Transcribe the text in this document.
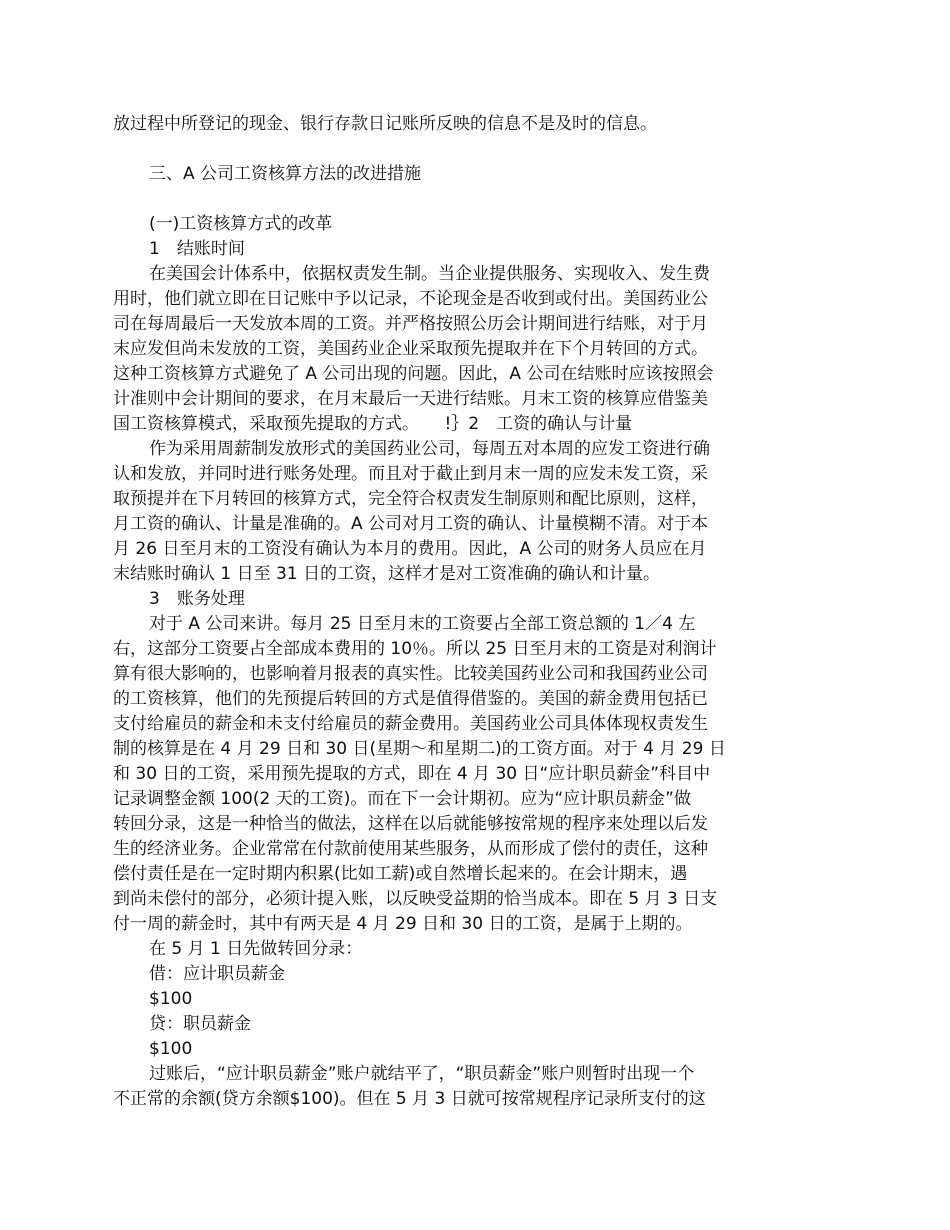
放过程中所登记的现金、银行存款日记账所反映的信息不是及时的信息。
三、A 公司工资核算方法的改进措施
(一)工资核算方式的改革
1　结账时间
在美国会计体系中，依据权责发生制。当企业提供服务、实现收入、发生费
用时，他们就立即在日记账中予以记录，不论现金是否收到或付出。美国药业公
司在每周最后一天发放本周的工资。并严格按照公历会计期间进行结账，对于月
末应发但尚未发放的工资，美国药业企业采取预先提取并在下个月转回的方式。
这种工资核算方式避免了 A 公司出现的问题。因此，A 公司在结账时应该按照会
计准则中会计期间的要求，在月末最后一天进行结账。月末工资的核算应借鉴美
国工资核算模式，采取预先提取的方式。　　!｝2　工资的确认与计量
作为采用周薪制发放形式的美国药业公司，每周五对本周的应发工资进行确
认和发放，并同时进行账务处理。而且对于截止到月末一周的应发未发工资，采
取预提并在下月转回的核算方式，完全符合权责发生制原则和配比原则，这样，
月工资的确认、计量是准确的。A 公司对月工资的确认、计量模糊不清。对于本
月 26 日至月末的工资没有确认为本月的费用。因此，A 公司的财务人员应在月
末结账时确认 1 日至 31 日的工资，这样才是对工资准确的确认和计量。
3　账务处理
对于 A 公司来讲。每月 25 日至月末的工资要占全部工资总额的 1／4 左
右，这部分工资要占全部成本费用的 10％。所以 25 日至月末的工资是对利润计
算有很大影响的，也影响着月报表的真实性。比较美国药业公司和我国药业公司
的工资核算，他们的先预提后转回的方式是值得借鉴的。美国的薪金费用包括已
支付给雇员的薪金和未支付给雇员的薪金费用。美国药业公司具体体现权责发生
制的核算是在 4 月 29 日和 30 日(星期～和星期二)的工资方面。对于 4 月 29 日
和 30 日的工资，采用预先提取的方式，即在 4 月 30 日“应计职员薪金”科目中
记录调整金额 100(2 天的工资)。而在下一会计期初。应为“应计职员薪金”做
转回分录，这是一种恰当的做法，这样在以后就能够按常规的程序来处理以后发
生的经济业务。企业常常在付款前使用某些服务，从而形成了偿付的责任，这种
偿付责任是在一定时期内积累(比如工薪)或自然增长起来的。在会计期末，遇
到尚未偿付的部分，必须计提入账，以反映受益期的恰当成本。即在 5 月 3 日支
付一周的薪金时，其中有两天是 4 月 29 日和 30 日的工资，是属于上期的。
在 5 月 1 日先做转回分录：
借：应计职员薪金
$100
贷：职员薪金
$100
过账后，“应计职员薪金”账户就结平了，“职员薪金”账户则暂时出现一个
不正常的余额(贷方余额$100)。但在 5 月 3 日就可按常规程序记录所支付的这
